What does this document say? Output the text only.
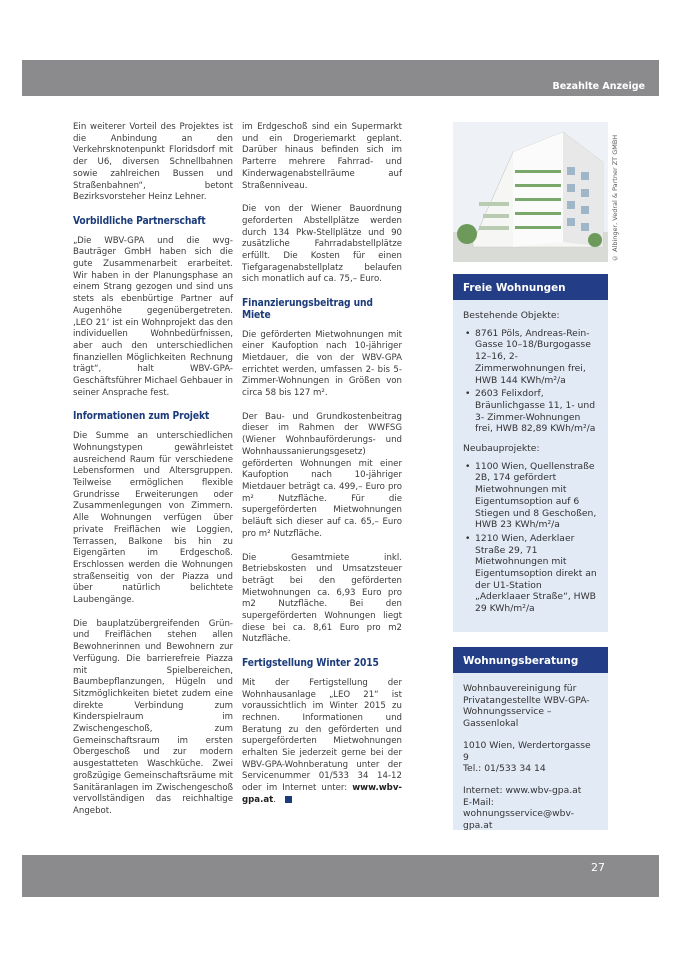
Bezahlte Anzeige

Ein weiterer Vorteil des Projektes ist die Anbindung an den Verkehrsknotenpunkt Floridsdorf mit der U6, diversen Schnellbahnen sowie zahlreichen Bussen und Straßenbahnen“, betont Bezirksvorsteher Heinz Lehner.

Vorbildliche Partnerschaft

„Die WBV-GPA und die wvg-Bauträger GmbH haben sich die gute Zusammenarbeit erarbeitet. Wir haben in der Planungsphase an einem Strang gezogen und sind uns stets als ebenbürtige Partner auf Augenhöhe gegenübergetreten. ‚LEO 21‘ ist ein Wohnprojekt das den individuellen Wohnbedürfnissen, aber auch den unterschiedlichen finanziellen Möglichkeiten Rechnung trägt“, halt WBV-GPA-Geschäftsführer Michael Gehbauer in seiner Ansprache fest.

Informationen zum Projekt

Die Summe an unterschiedlichen Wohnungstypen gewährleistet ausreichend Raum für verschiedene Lebensformen und Altersgruppen. Teilweise ermöglichen flexible Grundrisse Erweiterungen oder Zusammenlegungen von Zimmern. Alle Wohnungen verfügen über private Freiflächen wie Loggien, Terrassen, Balkone bis hin zu Eigengärten im Erdgeschoß. Erschlossen werden die Wohnungen straßenseitig von der Piazza und über natürlich belichtete Laubengänge.

Die bauplatzübergreifenden Grün- und Freiflächen stehen allen Bewohnerinnen und Bewohnern zur Verfügung. Die barrierefreie Piazza mit Spielbereichen, Baumbepflanzungen, Hügeln und Sitzmöglichkeiten bietet zudem eine direkte Verbindung zum Kinderspielraum im Zwischengeschoß, zum Gemeinschaftsraum im ersten Obergeschoß und zur modern ausgestatteten Waschküche. Zwei großzügige Gemeinschaftsräume mit Sanitäranlagen im Zwischengeschoß vervollständigen das reichhaltige Angebot.

im Erdgeschoß sind ein Supermarkt und ein Drogeriemarkt geplant. Darüber hinaus befinden sich im Parterre mehrere Fahrrad- und Kinderwagenabstellräume auf Straßenniveau.

Die von der Wiener Bauordnung geforderten Abstellplätze werden durch 134 Pkw-Stellplätze und 90 zusätzliche Fahrradabstellplätze erfüllt. Die Kosten für einen Tiefgaragenabstellplatz belaufen sich monatlich auf ca. 75,– Euro.

Finanzierungsbeitrag und Miete

Die geförderten Mietwohnungen mit einer Kaufoption nach 10-jähriger Mietdauer, die von der WBV-GPA errichtet werden, umfassen 2- bis 5-Zimmer-Wohnungen in Größen von circa 58 bis 127 m².

Der Bau- und Grundkostenbeitrag dieser im Rahmen der WWFSG (Wiener Wohnbauförderungs- und Wohnhaussanierungsgesetz) geförderten Wohnungen mit einer Kaufoption nach 10-jähriger Mietdauer beträgt ca. 499,– Euro pro m² Nutzfläche. Für die supergeförderten Mietwohnungen beläuft sich dieser auf ca. 65,– Euro pro m² Nutzfläche.

Die Gesamtmiete inkl. Betriebskosten und Umsatzsteuer beträgt bei den geförderten Mietwohnungen ca. 6,93 Euro pro m2 Nutzfläche. Bei den supergeförderten Wohnungen liegt diese bei ca. 8,61 Euro pro m2 Nutzfläche.

Fertigstellung Winter 2015

Mit der Fertigstellung der Wohnhausanlage „LEO 21“ ist voraussichtlich im Winter 2015 zu rechnen. Informationen und Beratung zu den geförderten und supergeförderten Mietwohnungen erhalten Sie jederzeit gerne bei der WBV-GPA-Wohnberatung unter der Servicenummer 01/533 34 14-12 oder im Internet unter: www.wbv-gpa.at.

© Albinger, Vedral & Partner ZT GMBH
Freie Wohnungen
Bestehende Objekte:
• 8761 Pöls, Andreas-Rein-Gasse 10–18/Burgogasse 12–16, 2-Zimmerwohnungen frei, HWB 144 KWh/m²/a
• 2603 Felixdorf, Bräunlichgasse 11, 1- und 3- Zimmer-Wohnungen frei, HWB 82,89 KWh/m²/a
Neubauprojekte:
• 1100 Wien, Quellenstraße 2B, 174 gefördert Mietwohnungen mit Eigentumsoption auf 6 Stiegen und 8 Geschoßen, HWB 23 KWh/m²/a
• 1210 Wien, Aderklaer Straße 29, 71 Mietwohnungen mit Eigentumsoption direkt an der U1-Station „Aderklaaer Straße“, HWB 29 KWh/m²/a
Wohnungsberatung

Wohnbauvereinigung für Privatangestellte WBV-GPA-Wohnungsservice – Gassenlokal

1010 Wien, Werdertorgasse 9

Tel.: 01/533 34 14

Internet: www.wbv-gpa.at

E-Mail: wohnungsservice@wbv-gpa.at

27
